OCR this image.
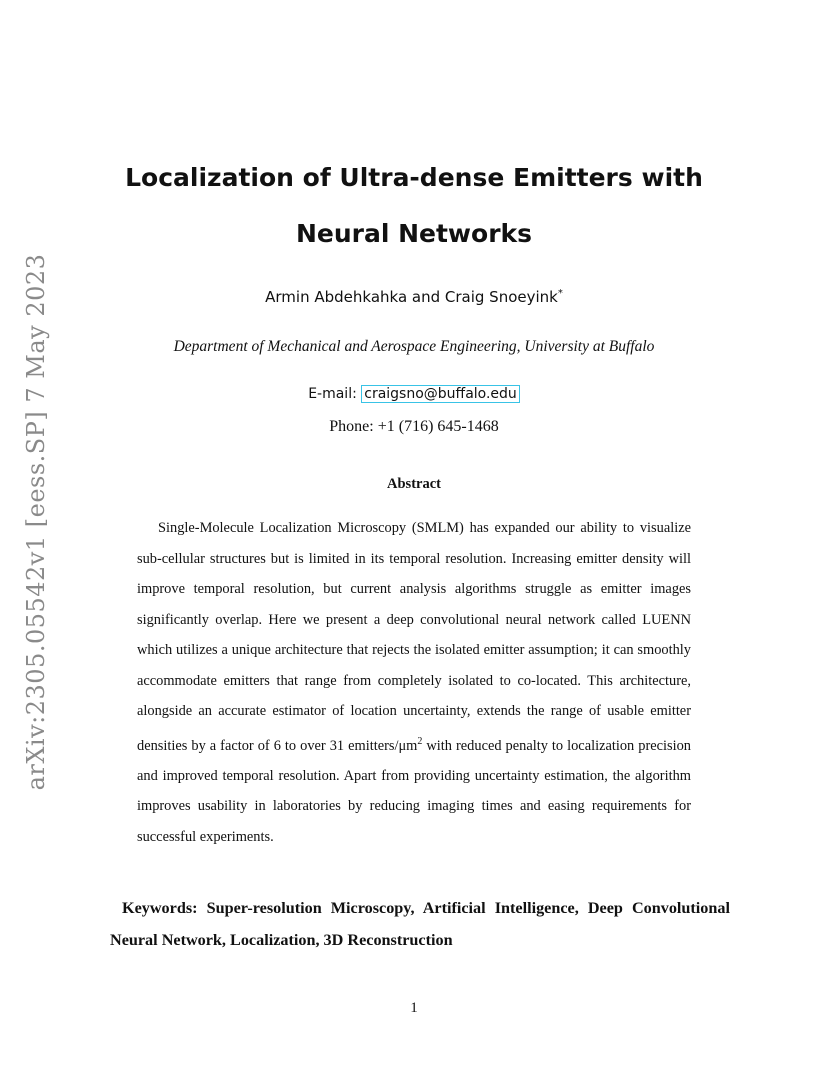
arXiv:2305.05542v1 [eess.SP] 7 May 2023
Localization of Ultra-dense Emitters with Neural Networks
Armin Abdehkahka and Craig Snoeyink*
Department of Mechanical and Aerospace Engineering, University at Buffalo
E-mail: craigsno@buffalo.edu
Phone: +1 (716) 645-1468
Abstract

Single-Molecule Localization Microscopy (SMLM) has expanded our ability to visualize sub-cellular structures but is limited in its temporal resolution. Increasing emitter density will improve temporal resolution, but current analysis algorithms struggle as emitter images significantly overlap. Here we present a deep convolutional neural network called LUENN which utilizes a unique architecture that rejects the isolated emitter assumption; it can smoothly accommodate emitters that range from completely isolated to co-located. This architecture, alongside an accurate estimator of location uncertainty, extends the range of usable emitter densities by a factor of 6 to over 31 emitters/$\mu m^2$ with reduced penalty to localization precision and improved temporal resolution. Apart from providing uncertainty estimation, the algorithm improves usability in laboratories by reducing imaging times and easing requirements for successful experiments.

Keywords: Super-resolution Microscopy, Artificial Intelligence, Deep Convolutional Neural Network, Localization, 3D Reconstruction

1
